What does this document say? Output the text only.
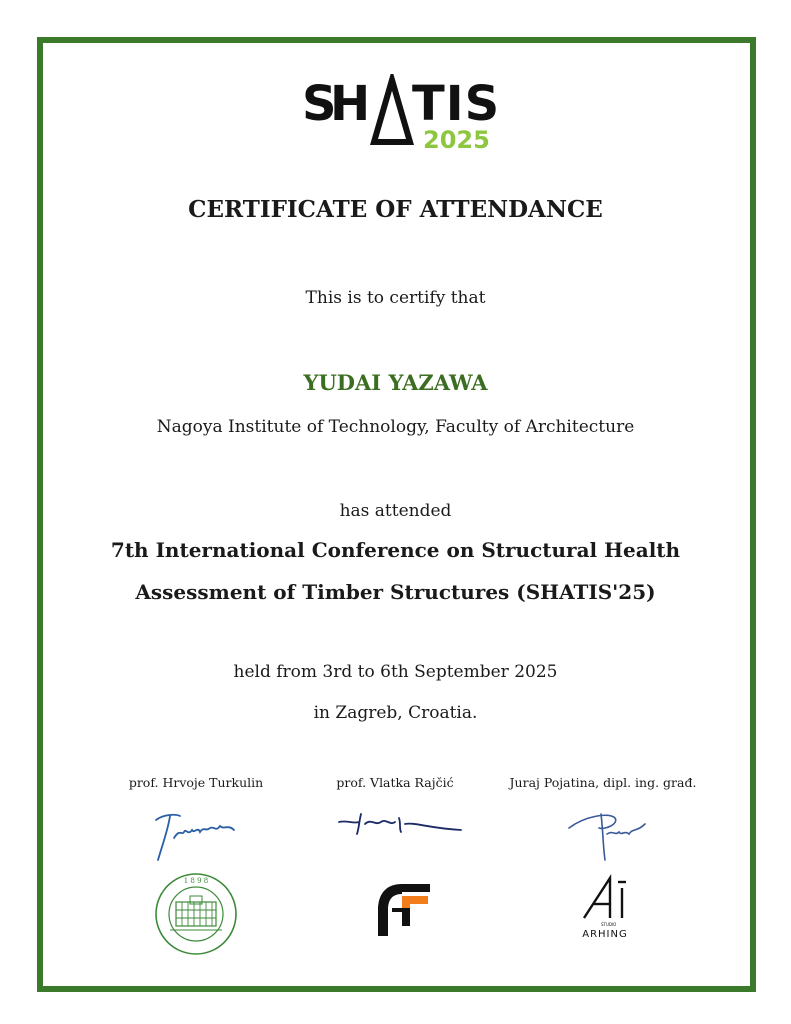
S
H TIS
2025
CERTIFICATE OF ATTENDANCE
This is to certify that
YUDAI YAZAWA
Nagoya Institute of Technology, Faculty of Architecture
has attended
7th International Conference on Structural Health
Assessment of Timber Structures (SHATIS'25)
held from 3rd to 6th September 2025
in Zagreb, Croatia.
prof. Hrvoje Turkulin	prof. Vlatka Rajčić	Juraj Pojatina, dipl. ing. građ.
1 8 9 8
STUDIO
ARHING
